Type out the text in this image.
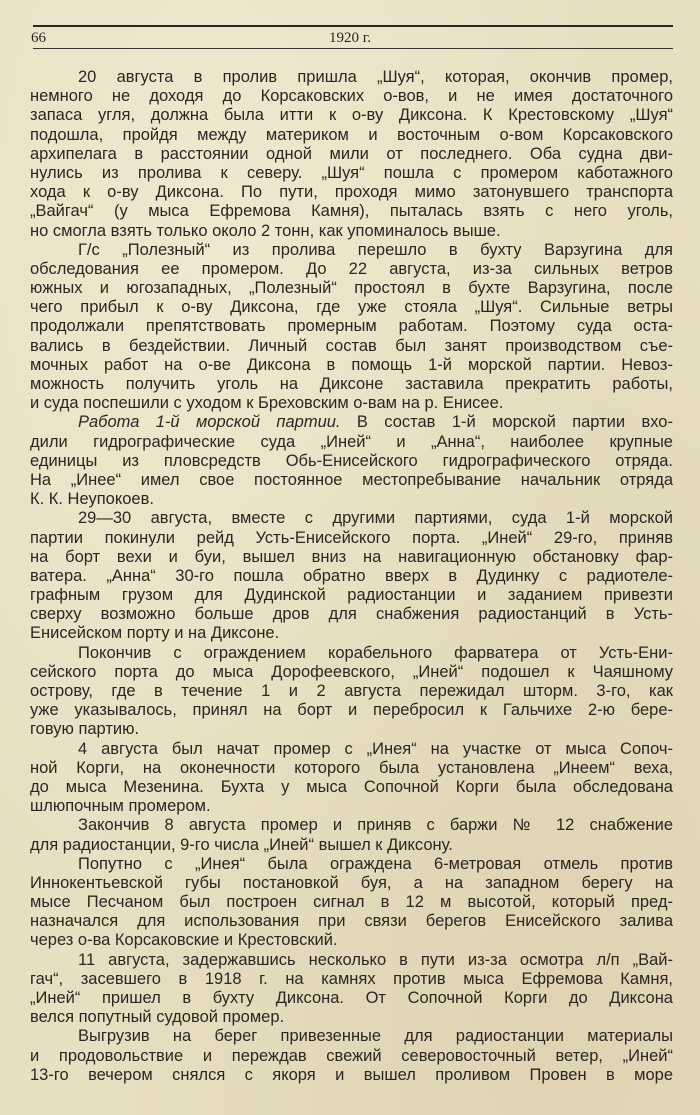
66	1920 г.
20 августа в пролив пришла „Шуя“, которая, окончив промер,
немного не доходя до Корсаковских о-вов, и не имея достаточного
запаса угля, должна была итти к о-ву Диксона. К Крестовскому „Шуя“
подошла, пройдя между материком и восточным о-вом Корсаковского
архипелага в расстоянии одной мили от последнего. Оба судна дви-
нулись из пролива к северу. „Шуя“ пошла с промером каботажного
хода к о-ву Диксона. По пути, проходя мимо затонувшего транспорта
„Вайгач“ (у мыса Ефремова Камня), пыталась взять с него уголь,
но смогла взять только около 2 тонн, как упоминалось выше.
Г/с „Полезный“ из пролива перешло в бухту Варзугина для
обследования ее промером. До 22 августа, из-за сильных ветров
южных и югозападных, „Полезный“ простоял в бухте Варзугина, после
чего прибыл к о-ву Диксона, где уже стояла „Шуя“. Сильные ветры
продолжали препятствовать промерным работам. Поэтому суда оста-
вались в бездействии. Личный состав был занят производством съе-
мочных работ на о-ве Диксона в помощь 1-й морской партии. Невоз-
можность получить уголь на Диксоне заставила прекратить работы,
и суда поспешили с уходом к Бреховским о-вам на р. Енисее.
Работа 1-й морской партии. В состав 1-й морской партии вхо-
дили гидрографические суда „Иней“ и „Анна“, наиболее крупные
единицы из пловсредств Обь-Енисейского гидрографического отряда.
На „Инее“ имел свое постоянное местопребывание начальник отряда
К. К. Неупокоев.
29—30 августа, вместе с другими партиями, суда 1-й морской
партии покинули рейд Усть-Енисейского порта. „Иней“ 29-го, приняв
на борт вехи и буи, вышел вниз на навигационную обстановку фар-
ватера. „Анна“ 30-го пошла обратно вверх в Дудинку с радиотеле-
графным грузом для Дудинской радиостанции и заданием привезти
сверху возможно больше дров для снабжения радиостанций в Усть-
Енисейском порту и на Диксоне.
Покончив с ограждением корабельного фарватера от Усть-Ени-
сейского порта до мыса Дорофеевского, „Иней“ подошел к Чаяшному
острову, где в течение 1 и 2 августа пережидал шторм. 3-го, как
уже указывалось, принял на борт и перебросил к Гальчихе 2-ю бере-
говую партию.
4 августа был начат промер с „Инея“ на участке от мыса Сопоч-
ной Корги, на оконечности которого была установлена „Инеем“ веха,
до мыса Мезенина. Бухта у мыса Сопочной Корги была обследована
шлюпочным промером.
Закончив 8 августа промер и приняв с баржи № 12 снабжение
для радиостанции, 9-го числа „Иней“ вышел к Диксону.
Попутно с „Инея“ была ограждена 6-метровая отмель против
Иннокентьевской губы постановкой буя, а на западном берегу на
мысе Песчаном был построен сигнал в 12 м высотой, который пред-
назначался для использования при связи берегов Енисейского залива
через о-ва Корсаковские и Крестовский.
11 августа, задержавшись несколько в пути из-за осмотра л/п „Вай-
гач“, засевшего в 1918 г. на камнях против мыса Ефремова Камня,
„Иней“ пришел в бухту Диксона. От Сопочной Корги до Диксона
велся попутный судовой промер.
Выгрузив на берег привезенные для радиостанции материалы
и продовольствие и переждав свежий северовосточный ветер, „Иней“
13-го вечером снялся с якоря и вышел проливом Провен в море
